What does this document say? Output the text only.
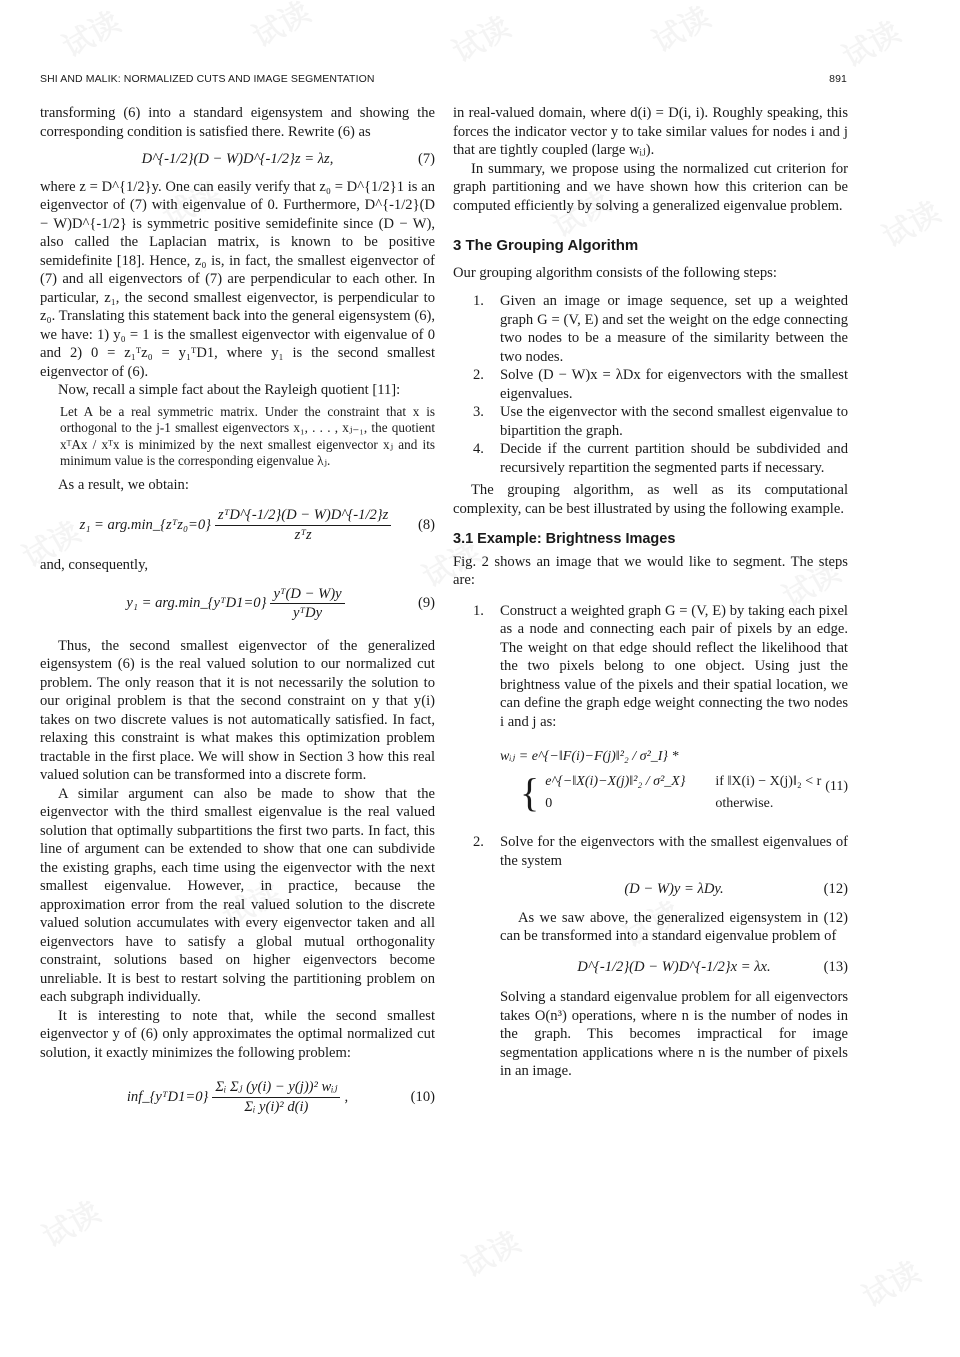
SHI AND MALIK: NORMALIZED CUTS AND IMAGE SEGMENTATION	891

transforming (6) into a standard eigensystem and showing the corresponding condition is satisfied there. Rewrite (6) as

D^{-1/2}(D − W)D^{-1/2}z = λz,	(7)

where z = D^{1/2}y. One can easily verify that z₀ = D^{1/2}1 is an eigenvector of (7) with eigenvalue of 0. Furthermore, D^{-1/2}(D − W)D^{-1/2} is symmetric positive semidefinite since (D − W), also called the Laplacian matrix, is known to be positive semidefinite [18]. Hence, z₀ is, in fact, the smallest eigenvector of (7) and all eigenvectors of (7) are perpendicular to each other. In particular, z₁, the second smallest eigenvector, is perpendicular to z₀. Translating this statement back into the general eigensystem (6), we have: 1) y₀ = 1 is the smallest eigenvector with eigenvalue of 0 and 2) 0 = z₁ᵀz₀ = y₁ᵀD1, where y₁ is the second smallest eigenvector of (6).

Now, recall a simple fact about the Rayleigh quotient [11]:

Let A be a real symmetric matrix. Under the constraint that x is orthogonal to the j-1 smallest eigenvectors x₁, . . . , xⱼ₋₁, the quotient xᵀAx / xᵀx is minimized by the next smallest eigenvector xⱼ and its minimum value is the corresponding eigenvalue λⱼ.

As a result, we obtain:

z₁ = arg.min_{zᵀz₀=0} $\frac{\text{zᵀD\textasciicircum{}\{-1/2\}(D − W)D\textasciicircum{}\{-1/2\}z}}{\text{zᵀz}} (8)$

and, consequently,

y₁ = arg.min_{yᵀD1=0} $\frac{\text{yᵀ(D − W)y}}{\text{yᵀDy}}$	(9)

Thus, the second smallest eigenvector of the generalized eigensystem (6) is the real valued solution to our normalized cut problem. The only reason that it is not necessarily the solution to our original problem is that the second constraint on y that y(i) takes on two discrete values is not automatically satisfied. In fact, relaxing this constraint is what makes this optimization problem tractable in the first place. We will show in Section 3 how this real valued solution can be transformed into a discrete form.

A similar argument can also be made to show that the eigenvector with the third smallest eigenvalue is the real valued solution that optimally subpartitions the first two parts. In fact, this line of argument can be extended to show that one can subdivide the existing graphs, each time using the eigenvector with the next smallest eigenvalue. However, in practice, because the approximation error from the real valued solution to the discrete valued solution accumulates with every eigenvector taken and all eigenvectors have to satisfy a global mutual orthogonality constraint, solutions based on higher eigenvectors become unreliable. It is best to restart solving the partitioning problem on each subgraph individually.

It is interesting to note that, while the second smallest eigenvector y of (6) only approximates the optimal normalized cut solution, it exactly minimizes the following problem:

inf_{yᵀD1=0} $\frac{\text{Σᵢ Σⱼ (y(i) − y(j))² wᵢⱼ}}{\text{Σᵢ y(i)² d(i)}}$ ,	(10)

in real-valued domain, where d(i) = D(i, i). Roughly speaking, this forces the indicator vector y to take similar values for nodes i and j that are tightly coupled (large wᵢⱼ).

In summary, we propose using the normalized cut criterion for graph partitioning and we have shown how this criterion can be computed efficiently by solving a generalized eigenvalue problem.

3 The Grouping Algorithm

Our grouping algorithm consists of the following steps:

1. Given an image or image sequence, set up a weighted graph G = (V, E) and set the weight on the edge connecting two nodes to be a measure of the similarity between the two nodes.
2. Solve (D − W)x = λDx for eigenvectors with the smallest eigenvalues.
3. Use the eigenvector with the second smallest eigenvalue to bipartition the graph.
4. Decide if the current partition should be subdivided and recursively repartition the segmented parts if necessary.

The grouping algorithm, as well as its computational complexity, can be best illustrated by using the following example.

3.1 Example: Brightness Images

Fig. 2 shows an image that we would like to segment. The steps are:

1. Construct a weighted graph G = (V, E) by taking each pixel as a node and connecting each pair of pixels by an edge. The weight on that edge should reflect the likelihood that the two pixels belong to one object. Using just the brightness value of the pixels and their spatial location, we can define the graph edge weight connecting the two nodes i and j as:
wᵢⱼ = e^{−‖F(i)−F(j)‖²₂ / σ²_I} *
{ e^{−‖X(i)−X(j)‖²₂ / σ²_X} if ‖X(i) − X(j)‖₂ < r
0	otherwise.
(11)
2. Solve for the eigenvectors with the smallest eigenvalues of the system
(D − W)y = λDy.	(12)

As we saw above, the generalized eigensystem in (12) can be transformed into a standard eigenvalue problem of

D^{-1/2}(D − W)D^{-1/2}x = λx.	(13)

Solving a standard eigenvalue problem for all eigenvectors takes O(n³) operations, where n is the number of nodes in the graph. This becomes impractical for image segmentation applications where n is the number of pixels in an image.
